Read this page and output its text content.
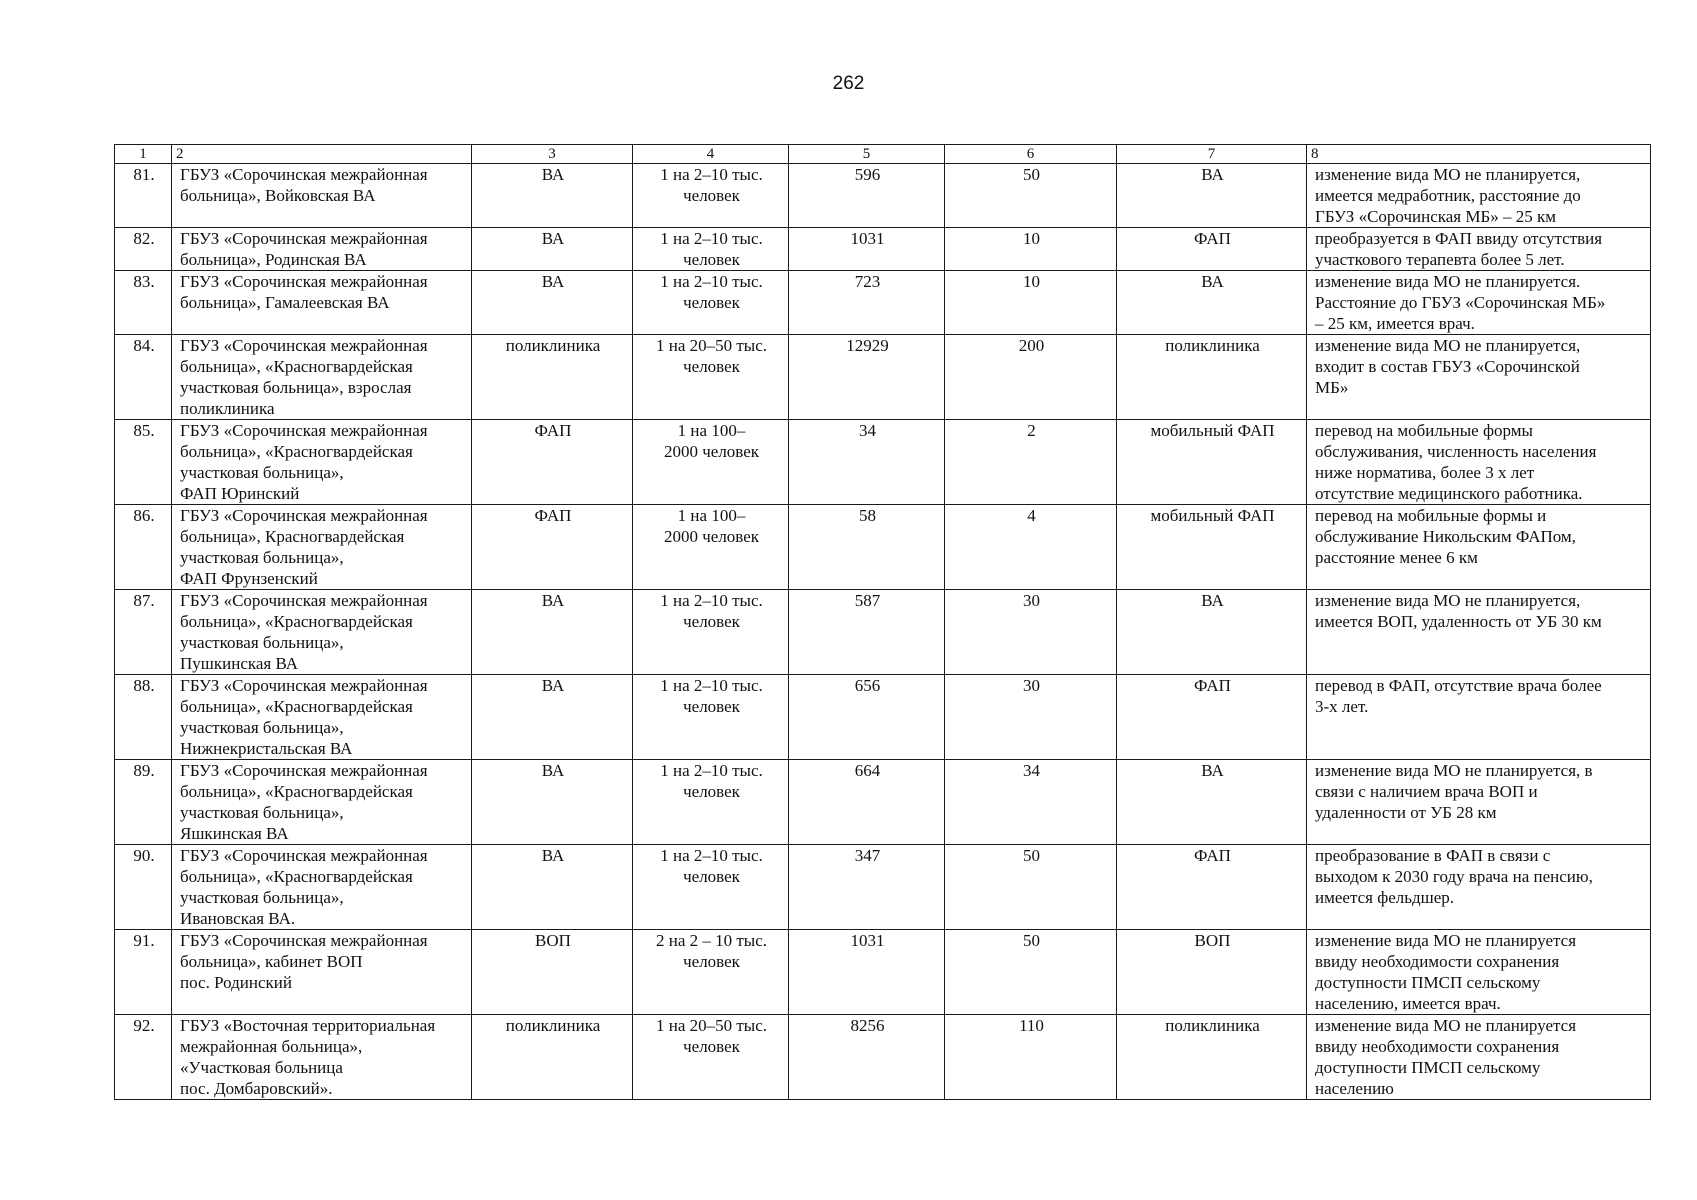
262
1	2	3	4	5	6	7	8
81.	ГБУЗ «Сорочинская межрайонная
больница», Войковская ВА	ВА	1 на 2–10 тыс.
человек	596	50	ВА	изменение вида МО не планируется,
имеется медработник, расстояние до
ГБУЗ «Сорочинская МБ» – 25 км
82.	ГБУЗ «Сорочинская межрайонная
больница», Родинская ВА	ВА	1 на 2–10 тыс.
человек	1031	10	ФАП	преобразуется в ФАП ввиду отсутствия
участкового терапевта более 5 лет.
83.	ГБУЗ «Сорочинская межрайонная
больница», Гамалеевская ВА	ВА	1 на 2–10 тыс.
человек	723	10	ВА	изменение вида МО не планируется.
Расстояние до ГБУЗ «Сорочинская МБ»
– 25 км, имеется врач.
84.	ГБУЗ «Сорочинская межрайонная
больница», «Красногвардейская
участковая больница», взрослая
поликлиника	поликлиника	1 на 20–50 тыс.
человек	12929	200	поликлиника	изменение вида МО не планируется,
входит в состав ГБУЗ «Сорочинской
МБ»
85.	ГБУЗ «Сорочинская межрайонная
больница», «Красногвардейская
участковая больница»,
ФАП Юринский	ФАП	1 на 100–
2000 человек	34	2	мобильный ФАП	перевод на мобильные формы
обслуживания, численность населения
ниже норматива, более 3 х лет
отсутствие медицинского работника.
86.	ГБУЗ «Сорочинская межрайонная
больница», Красногвардейская
участковая больница»,
ФАП Фрунзенский	ФАП	1 на 100–
2000 человек	58	4	мобильный ФАП	перевод на мобильные формы и
обслуживание Никольским ФАПом,
расстояние менее 6 км
87.	ГБУЗ «Сорочинская межрайонная
больница», «Красногвардейская
участковая больница»,
Пушкинская ВА	ВА	1 на 2–10 тыс.
человек	587	30	ВА	изменение вида МО не планируется,
имеется ВОП, удаленность от УБ 30 км
88.	ГБУЗ «Сорочинская межрайонная
больница», «Красногвардейская
участковая больница»,
Нижнекристальская ВА	ВА	1 на 2–10 тыс.
человек	656	30	ФАП	перевод в ФАП, отсутствие врача более
3-х лет.
89.	ГБУЗ «Сорочинская межрайонная
больница», «Красногвардейская
участковая больница»,
Яшкинская ВА	ВА	1 на 2–10 тыс.
человек	664	34	ВА	изменение вида МО не планируется, в
связи с наличием врача ВОП и
удаленности от УБ 28 км
90.	ГБУЗ «Сорочинская межрайонная
больница», «Красногвардейская
участковая больница»,
Ивановская ВА.	ВА	1 на 2–10 тыс.
человек	347	50	ФАП	преобразование в ФАП в связи с
выходом к 2030 году врача на пенсию,
имеется фельдшер.
91.	ГБУЗ «Сорочинская межрайонная
больница», кабинет ВОП
пос. Родинский	ВОП	2 на 2 – 10 тыс.
человек	1031	50	ВОП	изменение вида МО не планируется
ввиду необходимости сохранения
доступности ПМСП сельскому
населению, имеется врач.
92.	ГБУЗ «Восточная территориальная
межрайонная больница»,
«Участковая больница
пос. Домбаровский».	поликлиника	1 на 20–50 тыс.
человек	8256	110	поликлиника	изменение вида МО не планируется
ввиду необходимости сохранения
доступности ПМСП сельскому
населению
